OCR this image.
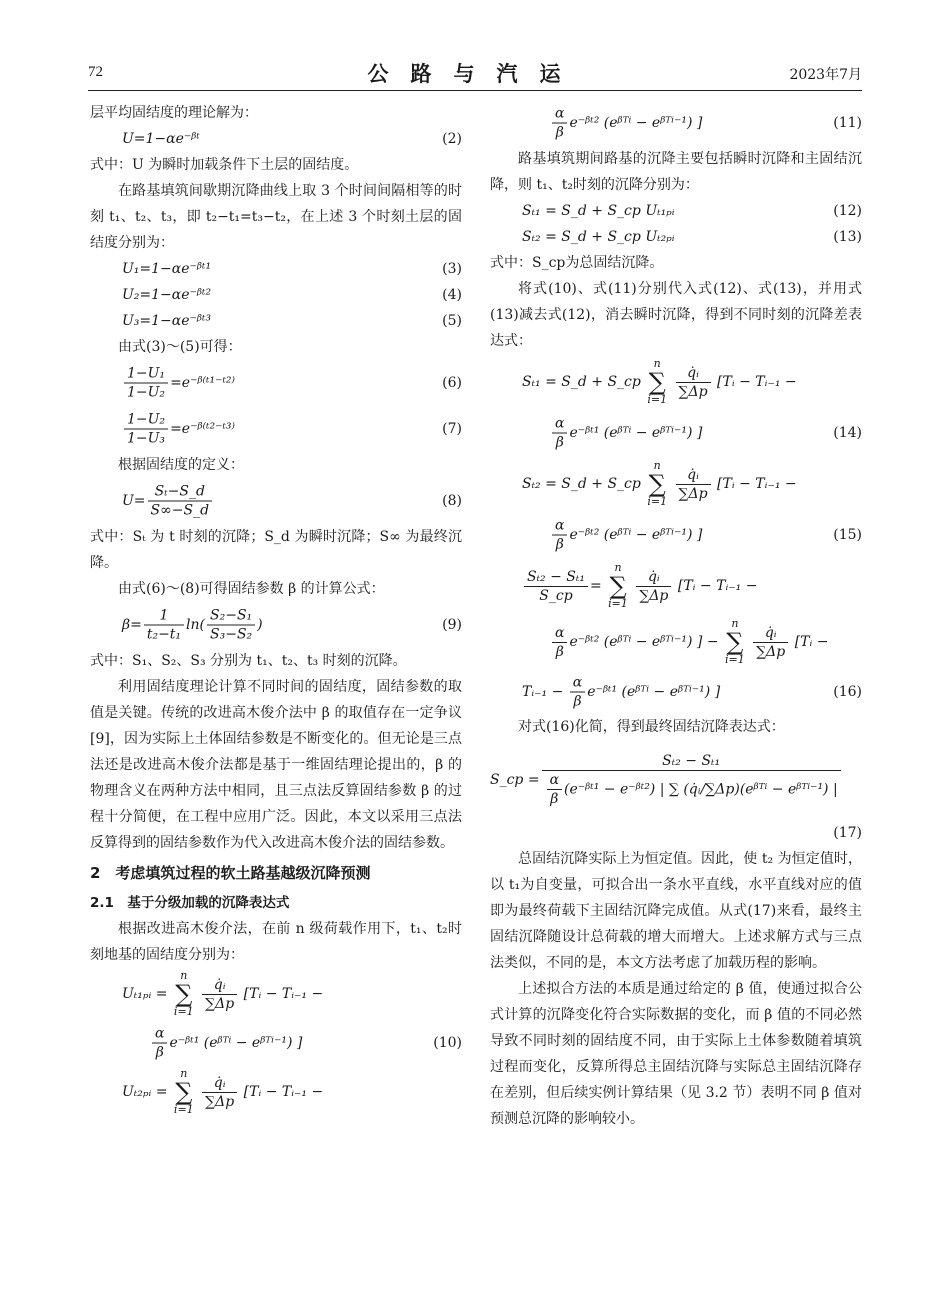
72	公路与汽运	2023年7月
层平均固结度的理论解为：
U=1−αe⁻ᵝᵗ	(2)
式中：U 为瞬时加载条件下土层的固结度。
在路基填筑间歇期沉降曲线上取 3 个时间间隔相等的时刻 t₁、t₂、t₃，即 t₂−t₁=t₃−t₂，在上述 3 个时刻土层的固结度分别为：
U₁=1−αe⁻ᵝᵗ¹	(3)
U₂=1−αe⁻ᵝᵗ²	(4)
U₃=1−αe⁻ᵝᵗ³	(5)
由式(3)～(5)可得：
$\frac{\text{1−U₁}}{\text{1−U₂}}$ =e⁻ᵝ⁽ᵗ¹⁻ᵗ²⁾	(6)
$\frac{\text{1−U₂}}{\text{1−U₃}}$ =e⁻ᵝ⁽ᵗ²⁻ᵗ³⁾	(7)
根据固结度的定义：
$U= \frac{\text{Sₜ−S\_d}}{S\infty-S\_d}$	(8)
式中：Sₜ 为 t 时刻的沉降；S_d 为瞬时沉降；S∞ 为最终沉降。
由式(6)～(8)可得固结参数 β 的计算公式：
$\beta= \frac{1}{\text{t₂−t₁}} \ln( \frac{\text{S₂−S₁}}{\text{S₃−S₂}}$ )	(9)
式中：S₁、S₂、S₃ 分别为 t₁、t₂、t₃ 时刻的沉降。
利用固结度理论计算不同时间的固结度，固结参数的取值是关键。传统的改进高木俊介法中 β 的取值存在一定争议[9]，因为实际上土体固结参数是不断变化的。但无论是三点法还是改进高木俊介法都是基于一维固结理论提出的，β 的物理含义在两种方法中相同，且三点法反算固结参数 β 的过程十分简便，在工程中应用广泛。因此，本文以采用三点法反算得到的固结参数作为代入改进高木俊介法的固结参数。
2　考虑填筑过程的软土路基越级沉降预测
2.1　基于分级加载的沉降表达式
根据改进高木俊介法，在前 n 级荷载作用下，t₁、t₂时刻地基的固结度分别为：
Uₜ₁ₚᵢ = n
∑
$i=1 \frac{\text{q̇ᵢ}}{\sum\Delta p}$ [Tᵢ − Tᵢ₋₁ −
$\frac{\alpha}{\beta}$ e⁻ᵝᵗ¹ (eᵝᵀⁱ − eᵝᵀⁱ⁻¹) ]	(10)
Uₜ₂ₚᵢ = n
∑
$i=1 \frac{\text{q̇ᵢ}}{\sum\Delta p}$ [Tᵢ − Tᵢ₋₁ −
$\frac{\alpha}{\beta}$ e⁻ᵝᵗ² (eᵝᵀⁱ − eᵝᵀⁱ⁻¹) ]	(11)
路基填筑期间路基的沉降主要包括瞬时沉降和主固结沉降，则 t₁、t₂时刻的沉降分别为：
Sₜ₁ = S_d + S_cp Uₜ₁ₚᵢ	(12)
Sₜ₂ = S_d + S_cp Uₜ₂ₚᵢ	(13)
式中：S_cp为总固结沉降。
将式(10)、式(11)分别代入式(12)、式(13)，并用式(13)减去式(12)，消去瞬时沉降，得到不同时刻的沉降差表达式：
Sₜ₁ = S_d + S_cp n
∑
$i=1 \frac{\text{q̇ᵢ}}{\sum\Delta p}$ [Tᵢ − Tᵢ₋₁ −
$\frac{\alpha}{\beta}$ e⁻ᵝᵗ¹ (eᵝᵀⁱ − eᵝᵀⁱ⁻¹) ]	(14)
Sₜ₂ = S_d + S_cp n
∑
$i=1 \frac{\text{q̇ᵢ}}{\sum\Delta p}$ [Tᵢ − Tᵢ₋₁ −
$\frac{\alpha}{\beta}$ e⁻ᵝᵗ² (eᵝᵀⁱ − eᵝᵀⁱ⁻¹) ]	(15)
$\frac{\text{Sₜ₂ − Sₜ₁}}{S\_cp} = n$
∑
$i=1 \frac{\text{q̇ᵢ}}{\sum\Delta p}$ [Tᵢ − Tᵢ₋₁ −
$\frac{\alpha}{\beta}$ e⁻ᵝᵗ² (eᵝᵀⁱ − eᵝᵀⁱ⁻¹) ] − n
∑
$i=1 \frac{\text{q̇ᵢ}}{\sum\Delta p}$ [Tᵢ −
Tᵢ₋₁ − $\frac{\alpha}{\beta}$ e⁻ᵝᵗ¹ (eᵝᵀⁱ − eᵝᵀⁱ⁻¹) ]	(16)
对式(16)化简，得到最终固结沉降表达式：
S_cp = $\frac{\text{Sₜ₂ − Sₜ₁}}{\frac{\alpha}{\beta} (e^-ᵝᵗ^1 - e^-ᵝᵗ^2) | \sum (q̇ᵢ/\sum\Delta p)(eᵝᵀ^i - eᵝᵀ^{i-1}) |}$
(17)
总固结沉降实际上为恒定值。因此，使 t₂ 为恒定值时，以 t₁为自变量，可拟合出一条水平直线，水平直线对应的值即为最终荷载下主固结沉降完成值。从式(17)来看，最终主固结沉降随设计总荷载的增大而增大。上述求解方式与三点法类似，不同的是，本文方法考虑了加载历程的影响。
上述拟合方法的本质是通过给定的 β 值，使通过拟合公式计算的沉降变化符合实际数据的变化，而 β 值的不同必然导致不同时刻的固结度不同，由于实际上土体参数随着填筑过程而变化，反算所得总主固结沉降与实际总主固结沉降存在差别，但后续实例计算结果（见 3.2 节）表明不同 β 值对预测总沉降的影响较小。
